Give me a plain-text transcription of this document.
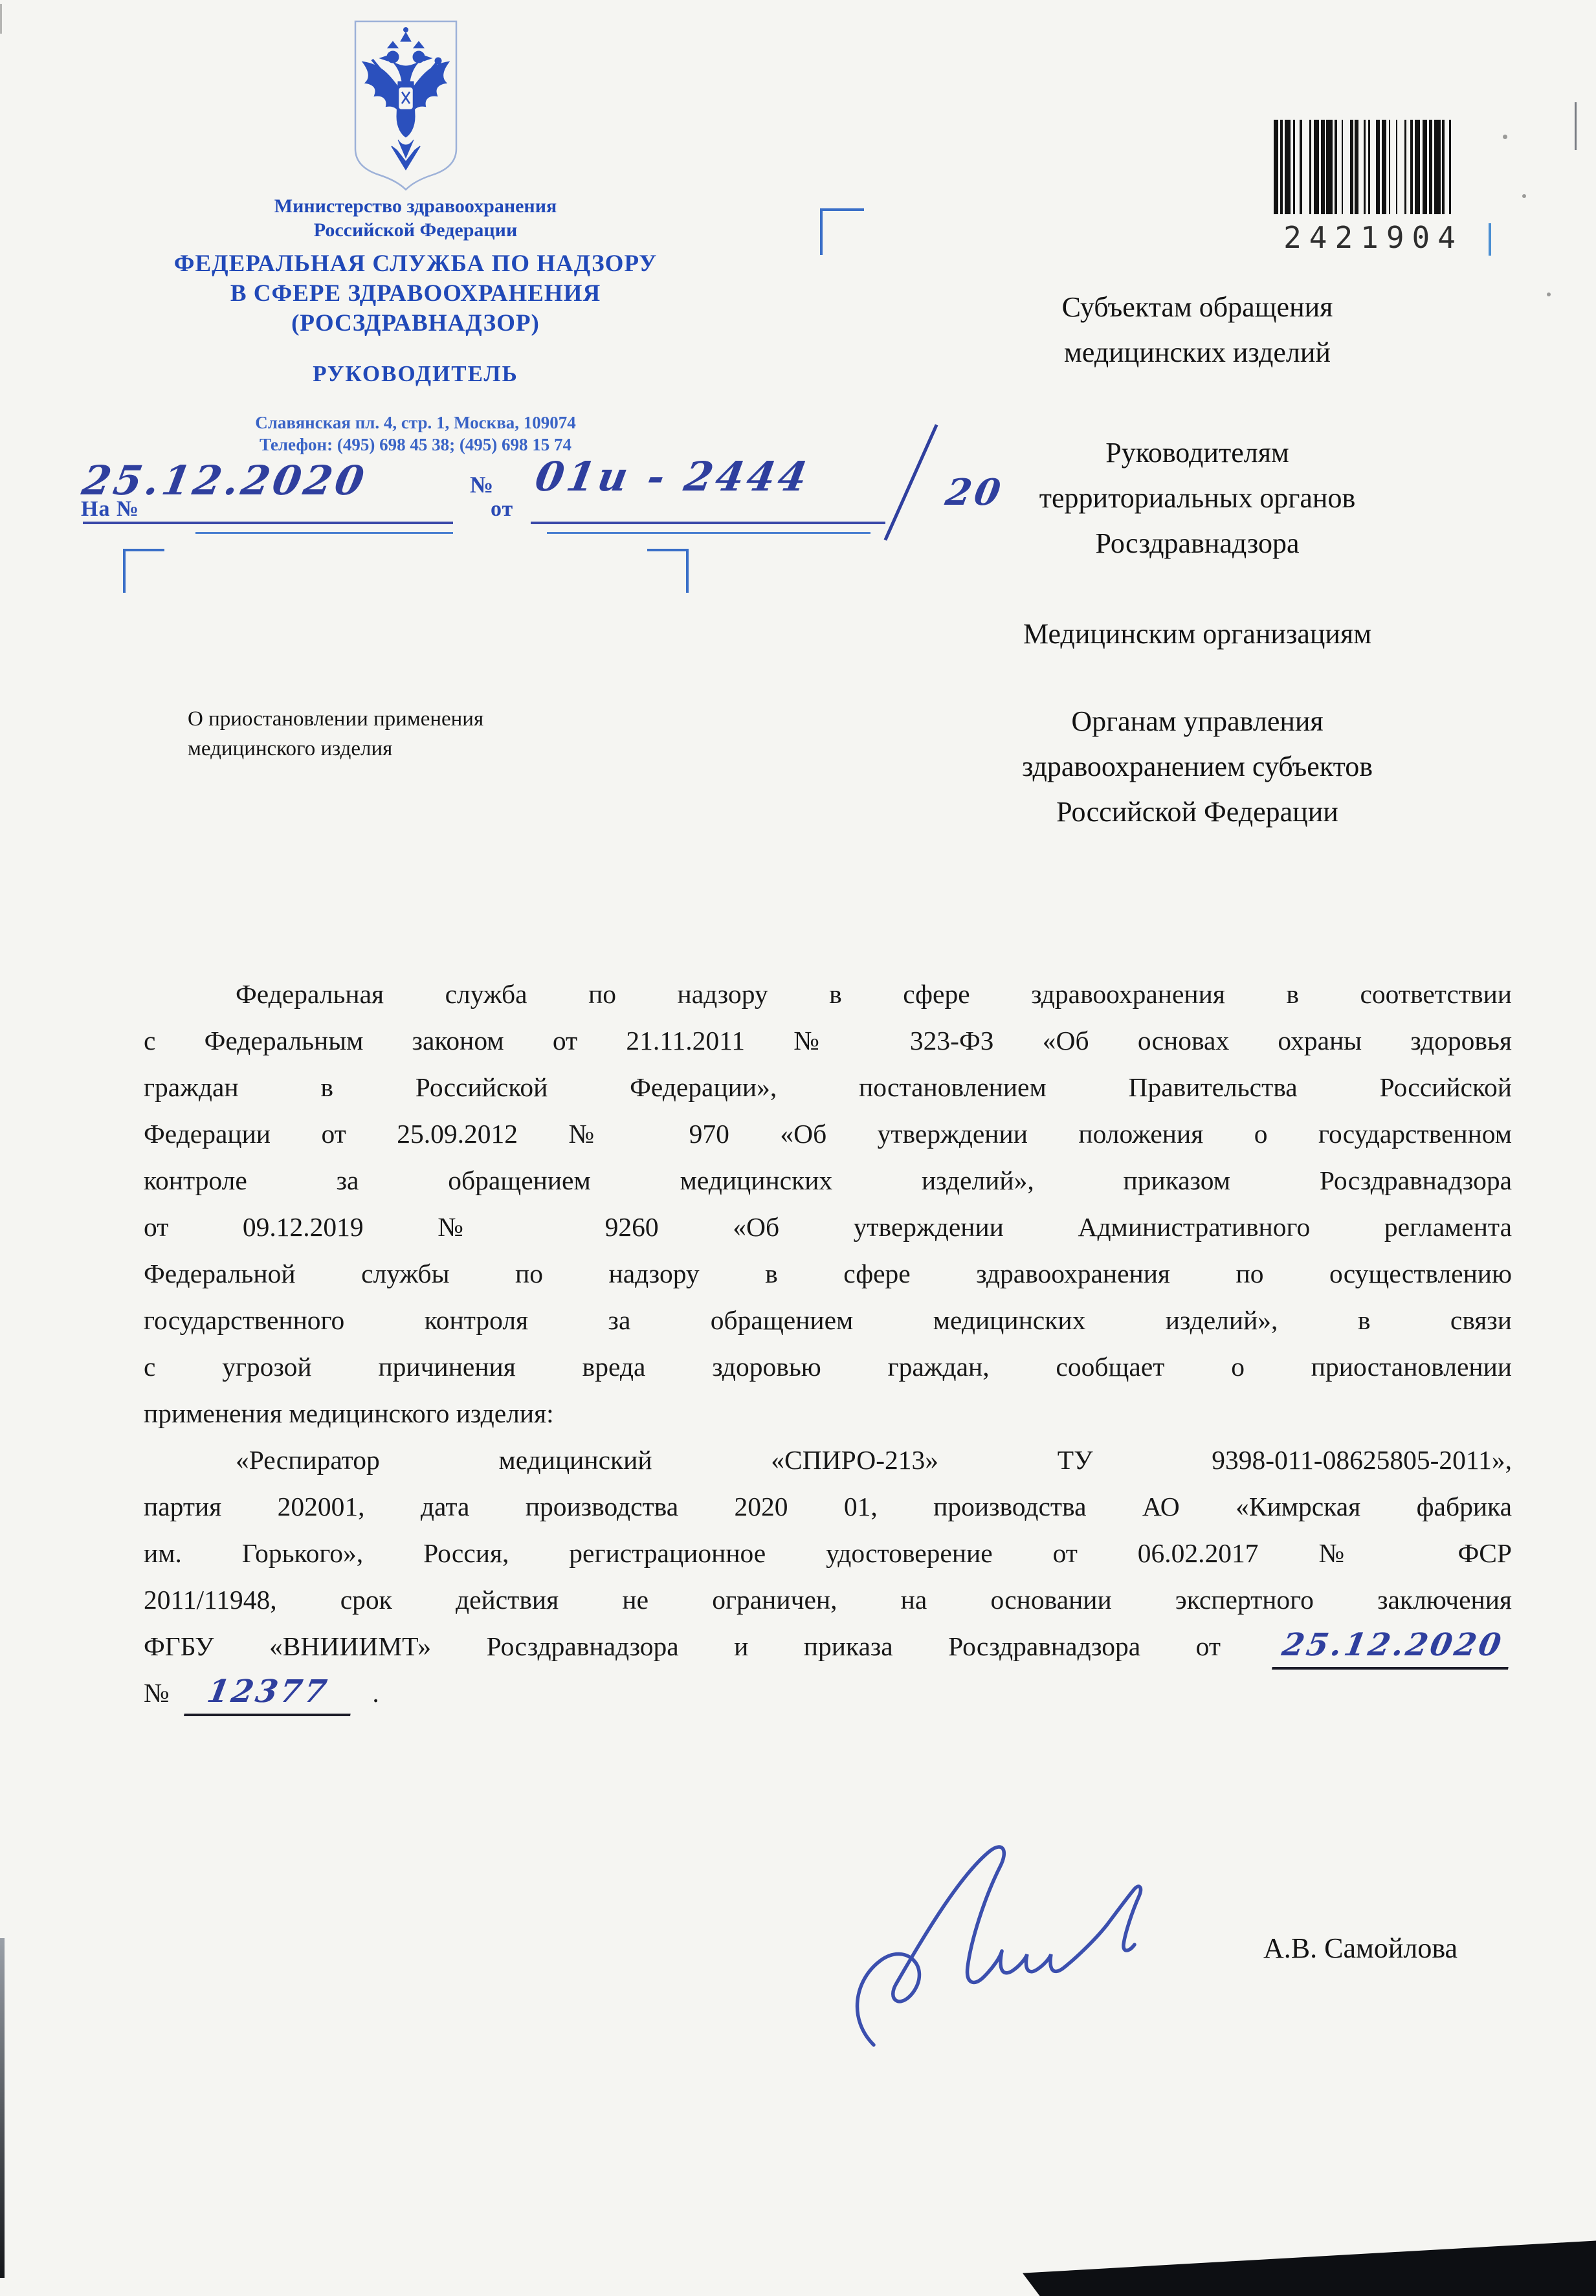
Министерство здравоохранения
Российской Федерации
ФЕДЕРАЛЬНАЯ СЛУЖБА ПО НАДЗОРУ
В СФЕРЕ ЗДРАВООХРАНЕНИЯ
(РОСЗДРАВНАДЗОР)
РУКОВОДИТЕЛЬ
Славянская пл. 4, стр. 1, Москва, 109074
Телефон: (495) 698 45 38; (495) 698 15 74
25.12.2020	№ 01и - 2444	20
На №	от
2421904
Субъектам обращения
медицинских изделий
Руководителям
территориальных органов
Росздравнадзора
Медицинским организациям
Органам управления
здравоохранением субъектов
Российской Федерации
О приостановлении применения
медицинского изделия
Федеральная служба по надзору в сфере здравоохранения в соответствии
с Федеральным законом от 21.11.2011 № 323-ФЗ «Об основах охраны здоровья
граждан в Российской Федерации», постановлением Правительства Российской
Федерации от 25.09.2012 № 970 «Об утверждении положения о государственном
контроле за обращением медицинских изделий», приказом Росздравнадзора
от 09.12.2019 № 9260 «Об утверждении Административного регламента
Федеральной службы по надзору в сфере здравоохранения по осуществлению
государственного контроля за обращением медицинских изделий», в связи
с угрозой причинения вреда здоровью граждан, сообщает о приостановлении
применения медицинского изделия:
«Респиратор медицинский «СПИРО-213» ТУ 9398-011-08625805-2011»,
партия 202001, дата производства 2020 01, производства АО «Кимрская фабрика
им. Горького», Россия, регистрационное удостоверение от 06.02.2017 № ФСР
2011/11948, срок действия не ограничен, на основании экспертного заключения
ФГБУ «ВНИИИМТ» Росздравнадзора и приказа Росздравнадзора от 25.12.2020
№ 12377 .
А.В. Самойлова
